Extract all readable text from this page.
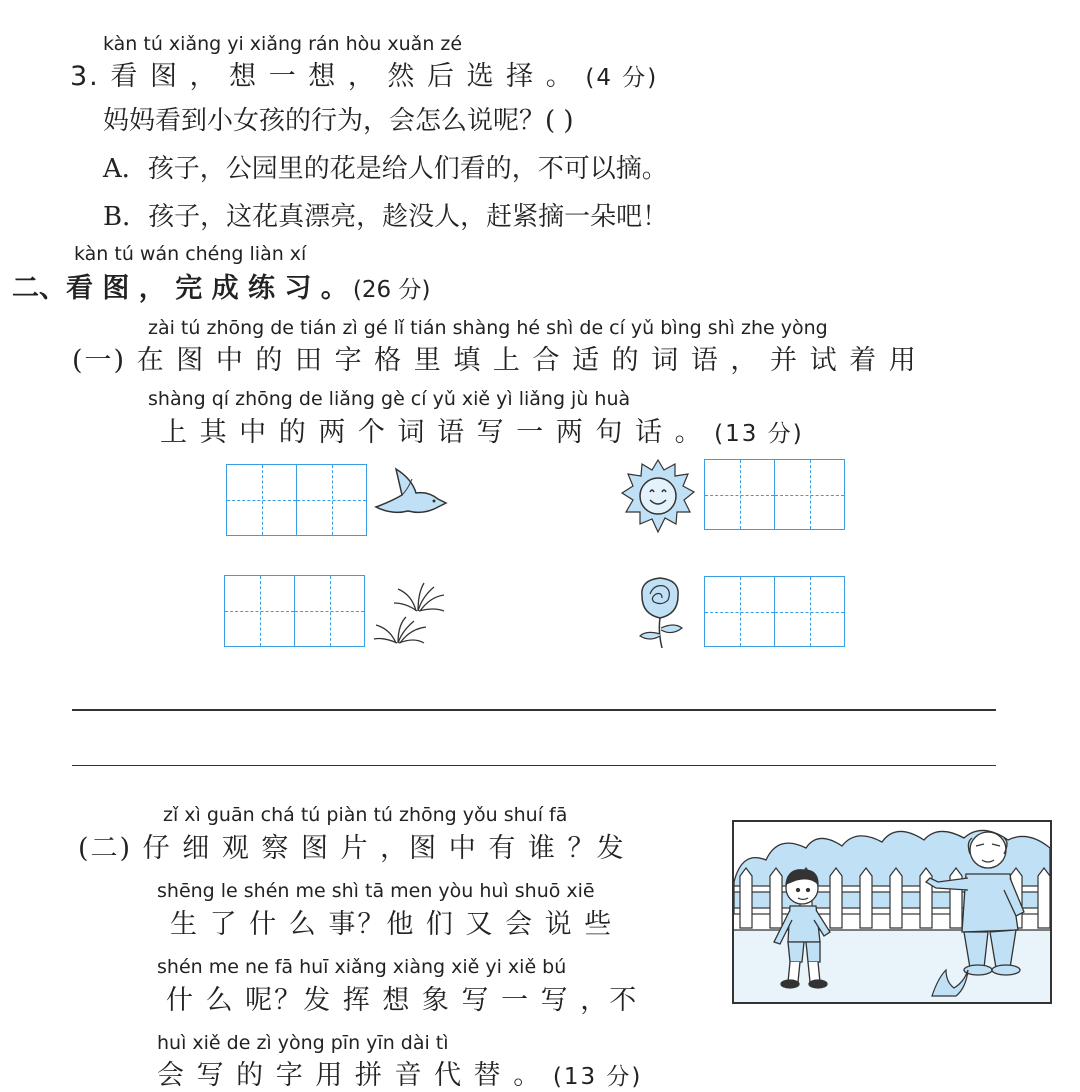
kàn tú xiǎng yi xiǎng rán hòu xuǎn zé
3. 看 图 ， 想 一 想 ， 然 后 选 择 。 (4 分)
妈妈看到小女孩的行为，会怎么说呢？( )
A．孩子，公园里的花是给人们看的，不可以摘。
B．孩子，这花真漂亮，趁没人，赶紧摘一朵吧！
kàn tú wán chéng liàn xí
二、看 图 ， 完 成 练 习 。 (26 分)
zài tú zhōng de tián zì gé lǐ tián shàng hé shì de cí yǔ bìng shì zhe yòng
(一) 在 图 中 的 田 字 格 里 填 上 合 适 的 词 语 ， 并 试 着 用
shàng qí zhōng de liǎng gè cí yǔ xiě yì liǎng jù huà
上 其 中 的 两 个 词 语 写 一 两 句 话 。 (13 分)
zǐ xì guān chá tú piàn tú zhōng yǒu shuí fā
(二) 仔 细 观 察 图 片 ，图 中 有 谁 ？发
shēng le shén me shì tā men yòu huì shuō xiē
生 了 什 么 事？他 们 又 会 说 些
shén me ne fā huī xiǎng xiàng xiě yi xiě bú
什 么 呢？发 挥 想 象 写 一 写 ，不
huì xiě de zì yòng pīn yīn dài tì
会 写 的 字 用 拼 音 代 替 。 (13 分)
